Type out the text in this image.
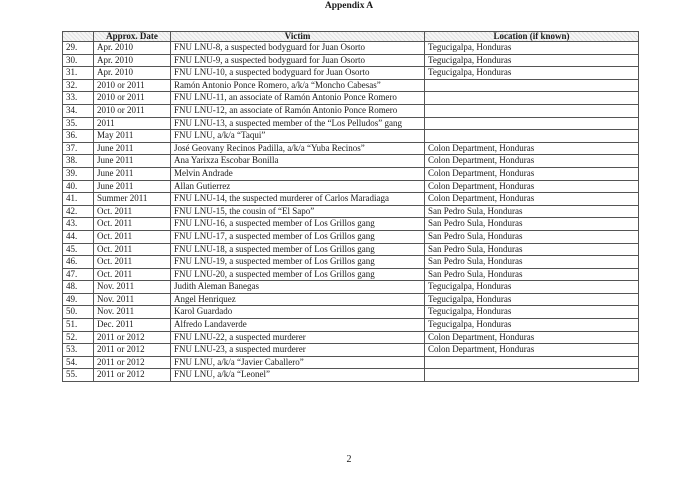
Appendix A
	Approx. Date	Victim	Location (if known)
29.	Apr. 2010	FNU LNU-8, a suspected bodyguard for Juan Osorto	Tegucigalpa, Honduras
30.	Apr. 2010	FNU LNU-9, a suspected bodyguard for Juan Osorto	Tegucigalpa, Honduras
31.	Apr. 2010	FNU LNU-10, a suspected bodyguard for Juan Osorto	Tegucigalpa, Honduras
32.	2010 or 2011	Ramón Antonio Ponce Romero, a/k/a “Moncho Cabesas”	
33.	2010 or 2011	FNU LNU-11, an associate of Ramón Antonio Ponce Romero	
34.	2010 or 2011	FNU LNU-12, an associate of Ramón Antonio Ponce Romero	
35.	2011	FNU LNU-13, a suspected member of the “Los Pelludos” gang	
36.	May 2011	FNU LNU, a/k/a “Taqui”	
37.	June 2011	José Geovany Recinos Padilla, a/k/a “Yuba Recinos”	Colon Department, Honduras
38.	June 2011	Ana Yarixza Escobar Bonilla	Colon Department, Honduras
39.	June 2011	Melvin Andrade	Colon Department, Honduras
40.	June 2011	Allan Gutierrez	Colon Department, Honduras
41.	Summer 2011	FNU LNU-14, the suspected murderer of Carlos Maradiaga	Colon Department, Honduras
42.	Oct. 2011	FNU LNU-15, the cousin of “El Sapo”	San Pedro Sula, Honduras
43.	Oct. 2011	FNU LNU-16, a suspected member of Los Grillos gang	San Pedro Sula, Honduras
44.	Oct. 2011	FNU LNU-17, a suspected member of Los Grillos gang	San Pedro Sula, Honduras
45.	Oct. 2011	FNU LNU-18, a suspected member of Los Grillos gang	San Pedro Sula, Honduras
46.	Oct. 2011	FNU LNU-19, a suspected member of Los Grillos gang	San Pedro Sula, Honduras
47.	Oct. 2011	FNU LNU-20, a suspected member of Los Grillos gang	San Pedro Sula, Honduras
48.	Nov. 2011	Judith Aleman Banegas	Tegucigalpa, Honduras
49.	Nov. 2011	Angel Henriquez	Tegucigalpa, Honduras
50.	Nov. 2011	Karol Guardado	Tegucigalpa, Honduras
51.	Dec. 2011	Alfredo Landaverde	Tegucigalpa, Honduras
52.	2011 or 2012	FNU LNU-22, a suspected murderer	Colon Department, Honduras
53.	2011 or 2012	FNU LNU-23, a suspected murderer	Colon Department, Honduras
54.	2011 or 2012	FNU LNU, a/k/a “Javier Caballero”	
55.	2011 or 2012	FNU LNU, a/k/a “Leonel”	
2
